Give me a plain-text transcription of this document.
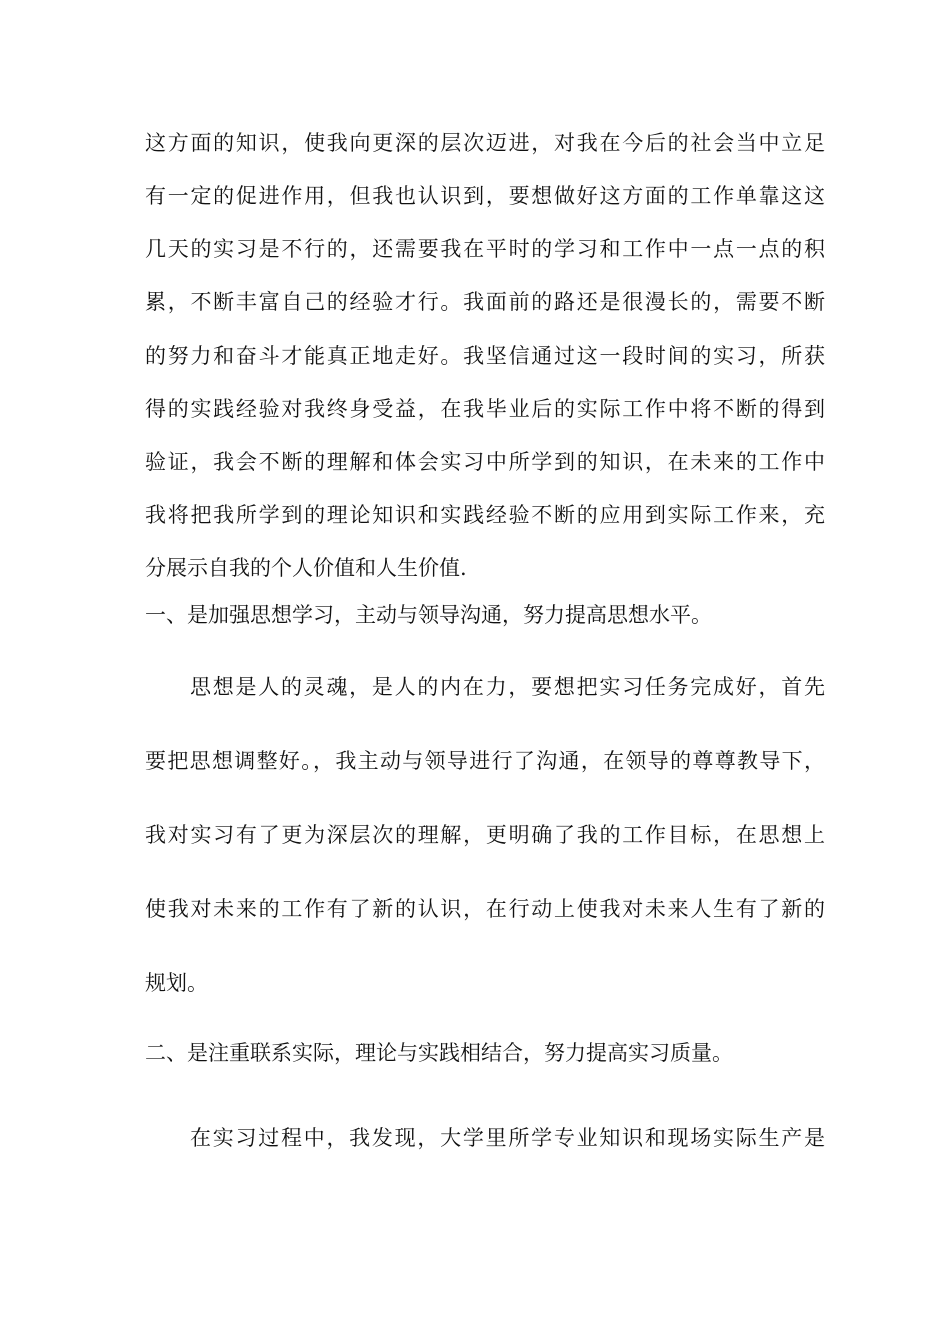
这方面的知识，使我向更深的层次迈进，对我在今后的社会当中立足
有一定的促进作用，但我也认识到，要想做好这方面的工作单靠这这
几天的实习是不行的，还需要我在平时的学习和工作中一点一点的积
累，不断丰富自己的经验才行。我面前的路还是很漫长的，需要不断
的努力和奋斗才能真正地走好。我坚信通过这一段时间的实习，所获
得的实践经验对我终身受益，在我毕业后的实际工作中将不断的得到
验证，我会不断的理解和体会实习中所学到的知识，在未来的工作中
我将把我所学到的理论知识和实践经验不断的应用到实际工作来，充
分展示自我的个人价值和人生价值.
一、是加强思想学习，主动与领导沟通，努力提高思想水平。
思想是人的灵魂，是人的内在力，要想把实习任务完成好，首先
要把思想调整好。，我主动与领导进行了沟通，在领导的尊尊教导下，
我对实习有了更为深层次的理解，更明确了我的工作目标，在思想上
使我对未来的工作有了新的认识，在行动上使我对未来人生有了新的
规划。
二、是注重联系实际，理论与实践相结合，努力提高实习质量。
在实习过程中，我发现，大学里所学专业知识和现场实际生产是
